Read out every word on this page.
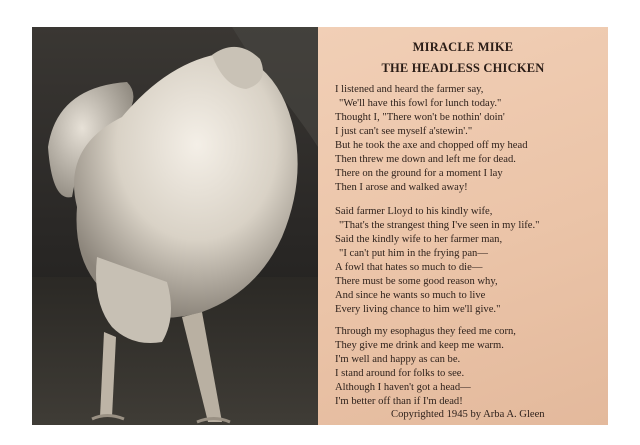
MIRACLE MIKE
THE HEADLESS CHICKEN
I listened and heard the farmer say,
"We'll have this fowl for lunch today."
Thought I, "There won't be nothin' doin'
I just can't see myself a'stewin'."
But he took the axe and chopped off my head
Then threw me down and left me for dead.
There on the ground for a moment I lay
Then I arose and walked away!
Said farmer Lloyd to his kindly wife,
"That's the strangest thing I've seen in my life."
Said the kindly wife to her farmer man,
"I can't put him in the frying pan—
A fowl that hates so much to die—
There must be some good reason why,
And since he wants so much to live
Every living chance to him we'll give."
Through my esophagus they feed me corn,
They give me drink and keep me warm.
I'm well and happy as can be.
I stand around for folks to see.
Although I haven't got a head—
I'm better off than if I'm dead!
Copyrighted 1945 by Arba A. Gleen
